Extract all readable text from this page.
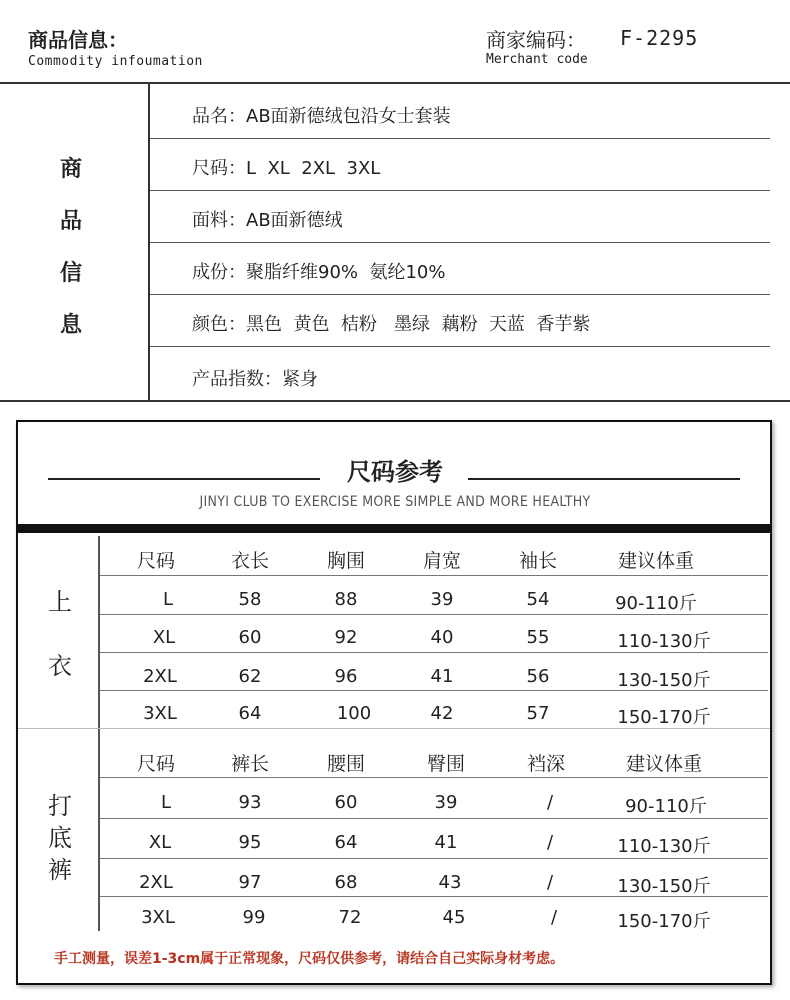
商品信息：
Commodity infoumation
商家编码： F-2295
Merchant code
商
品
信
息
品名：AB面新德绒包沿女士套装
尺码：L  XL  2XL  3XL
面料：AB面新德绒
成份：聚脂纤维90%  氨纶10%
颜色：黑色  黄色  桔粉   墨绿  藕粉  天蓝  香芋紫
产品指数：紧身
尺码参考
JINYI CLUB TO EXERCISE MORE SIMPLE AND MORE HEALTHY
上
衣
打
底
裤
尺码	衣长	胸围	肩宽	袖长	建议体重
L	58	88	39	54	90-110斤
XL	60	92	40	55	110-130斤
2XL	62	96	41	56	130-150斤
3XL	64	100	42	57	150-170斤
尺码	裤长	腰围	臀围	裆深	建议体重
L	93	60	39	/	90-110斤
XL	95	64	41	/	110-130斤
2XL	97	68	43	/	130-150斤
3XL	99	72	45	/	150-170斤
手工测量，误差1-3cm属于正常现象，尺码仅供参考，请结合自己实际身材考虑。
